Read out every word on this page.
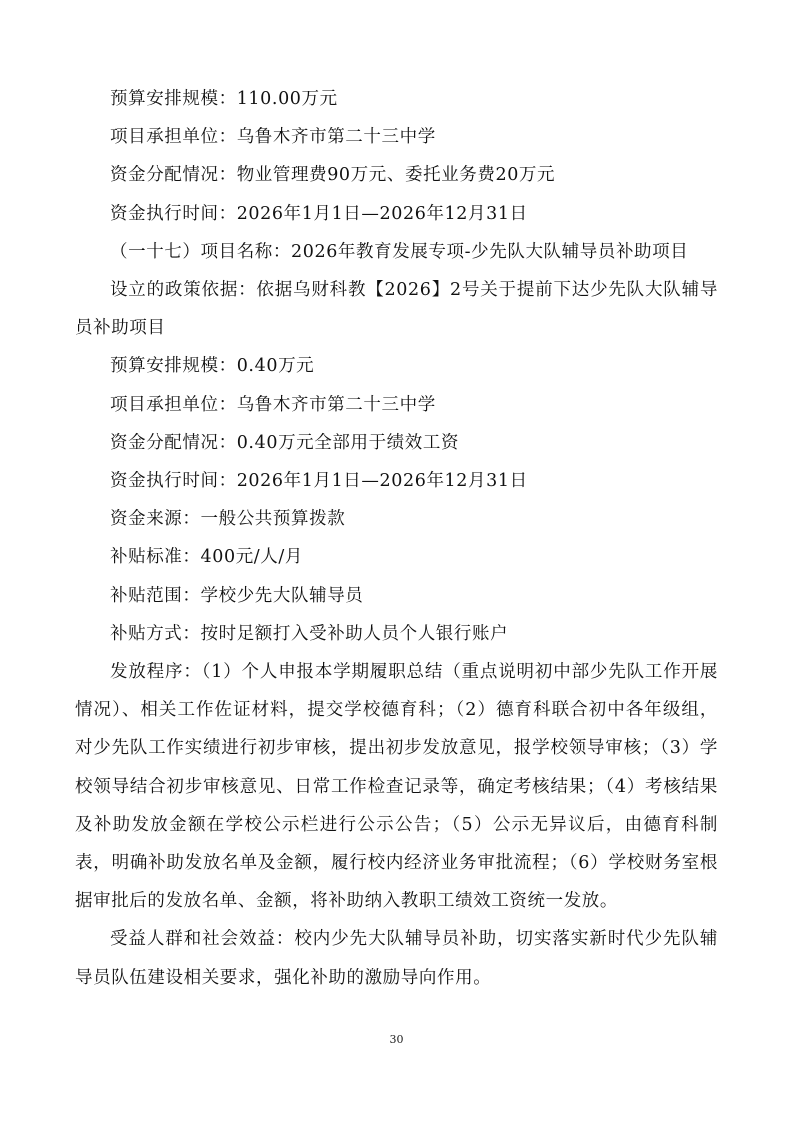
预算安排规模：110.00万元

项目承担单位：乌鲁木齐市第二十三中学

资金分配情况：物业管理费90万元、委托业务费20万元

资金执行时间：2026年1月1日—2026年12月31日

（一十七）项目名称：2026年教育发展专项-少先队大队辅导员补助项目

设立的政策依据：依据乌财科教【2026】2号关于提前下达少先队大队辅导员补助项目

预算安排规模：0.40万元

项目承担单位：乌鲁木齐市第二十三中学

资金分配情况：0.40万元全部用于绩效工资

资金执行时间：2026年1月1日—2026年12月31日

资金来源：一般公共预算拨款

补贴标准：400元/人/月

补贴范围：学校少先大队辅导员

补贴方式：按时足额打入受补助人员个人银行账户

发放程序：（1）个人申报本学期履职总结（重点说明初中部少先队工作开展情况）、相关工作佐证材料，提交学校德育科；（2）德育科联合初中各年级组，对少先队工作实绩进行初步审核，提出初步发放意见，报学校领导审核；（3）学校领导结合初步审核意见、日常工作检查记录等，确定考核结果；（4）考核结果及补助发放金额在学校公示栏进行公示公告；（5）公示无异议后，由德育科制表，明确补助发放名单及金额，履行校内经济业务审批流程；（6）学校财务室根据审批后的发放名单、金额，将补助纳入教职工绩效工资统一发放。

受益人群和社会效益：校内少先大队辅导员补助，切实落实新时代少先队辅导员队伍建设相关要求，强化补助的激励导向作用。

30
